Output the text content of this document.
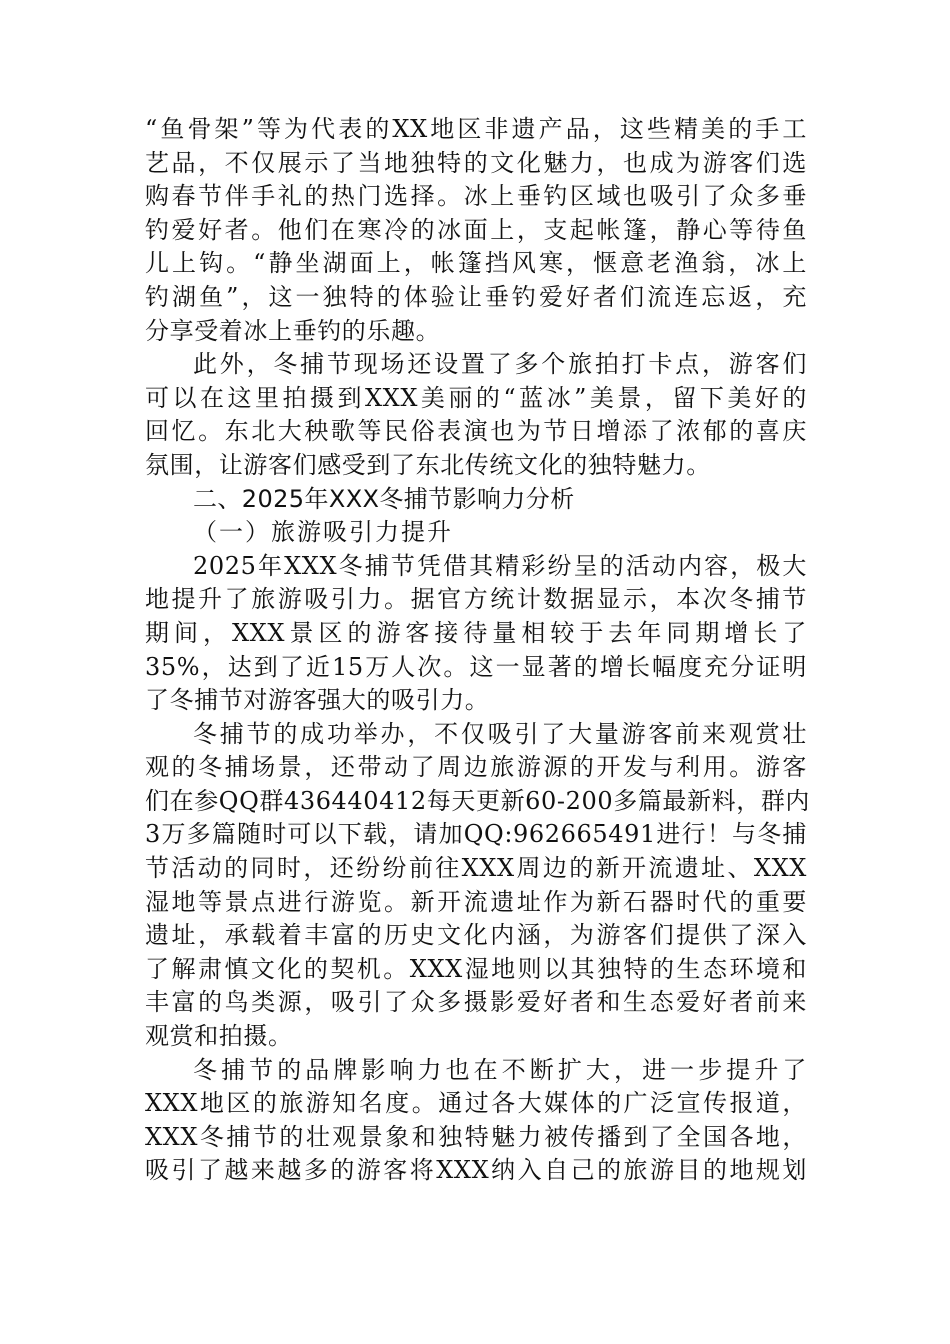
“鱼骨架”等为代表的XX地区非遗产品，这些精美的手工
艺品，不仅展示了当地独特的文化魅力，也成为游客们选
购春节伴手礼的热门选择。冰上垂钓区域也吸引了众多垂
钓爱好者。他们在寒冷的冰面上，支起帐篷，静心等待鱼
儿上钩。“静坐湖面上，帐篷挡风寒，惬意老渔翁，冰上
钓湖鱼”，这一独特的体验让垂钓爱好者们流连忘返，充
分享受着冰上垂钓的乐趣。
此外，冬捕节现场还设置了多个旅拍打卡点，游客们
可以在这里拍摄到XXX美丽的“蓝冰”美景，留下美好的
回忆。东北大秧歌等民俗表演也为节日增添了浓郁的喜庆
氛围，让游客们感受到了东北传统文化的独特魅力。
二、2025年XXX冬捕节影响力分析
（一）旅游吸引力提升
2025年XXX冬捕节凭借其精彩纷呈的活动内容，极大
地提升了旅游吸引力。据官方统计数据显示，本次冬捕节
期间，XXX景区的游客接待量相较于去年同期增长了
35%，达到了近15万人次。这一显著的增长幅度充分证明
了冬捕节对游客强大的吸引力。
冬捕节的成功举办，不仅吸引了大量游客前来观赏壮
观的冬捕场景，还带动了周边旅游源的开发与利用。游客
们在参QQ群436440412每天更新60-200多篇最新料，群内
3万多篇随时可以下载，请加QQ:962665491进行！与冬捕
节活动的同时，还纷纷前往XXX周边的新开流遗址、XXX
湿地等景点进行游览。新开流遗址作为新石器时代的重要
遗址，承载着丰富的历史文化内涵，为游客们提供了深入
了解肃慎文化的契机。XXX湿地则以其独特的生态环境和
丰富的鸟类源，吸引了众多摄影爱好者和生态爱好者前来
观赏和拍摄。
冬捕节的品牌影响力也在不断扩大，进一步提升了
XXX地区的旅游知名度。通过各大媒体的广泛宣传报道，
XXX冬捕节的壮观景象和独特魅力被传播到了全国各地，
吸引了越来越多的游客将XXX纳入自己的旅游目的地规划
